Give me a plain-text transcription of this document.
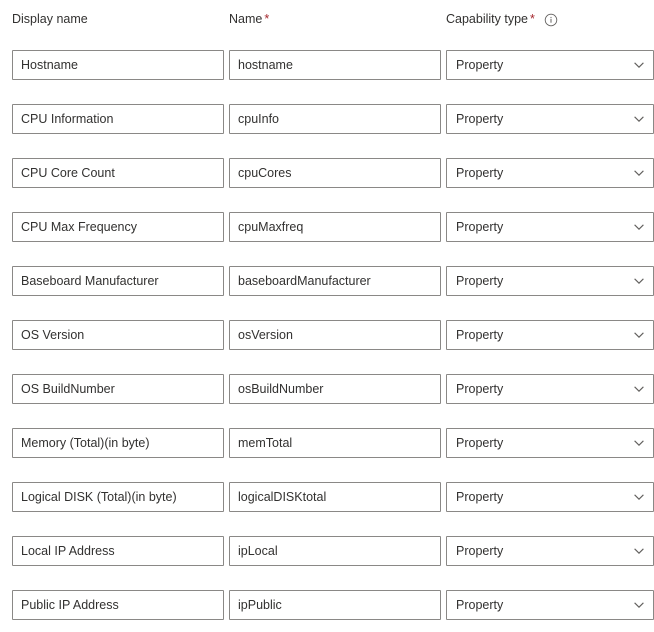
Display name	Name *	Capability type *
Hostname
hostname
Property
CPU Information
cpuInfo
Property
CPU Core Count
cpuCores
Property
CPU Max Frequency
cpuMaxfreq
Property
Baseboard Manufacturer
baseboardManufacturer
Property
OS Version
osVersion
Property
OS BuildNumber
osBuildNumber
Property
Memory (Total)(in byte)
memTotal
Property
Logical DISK (Total)(in byte)
logicalDISKtotal
Property
Local IP Address
ipLocal
Property
Public IP Address
ipPublic
Property
